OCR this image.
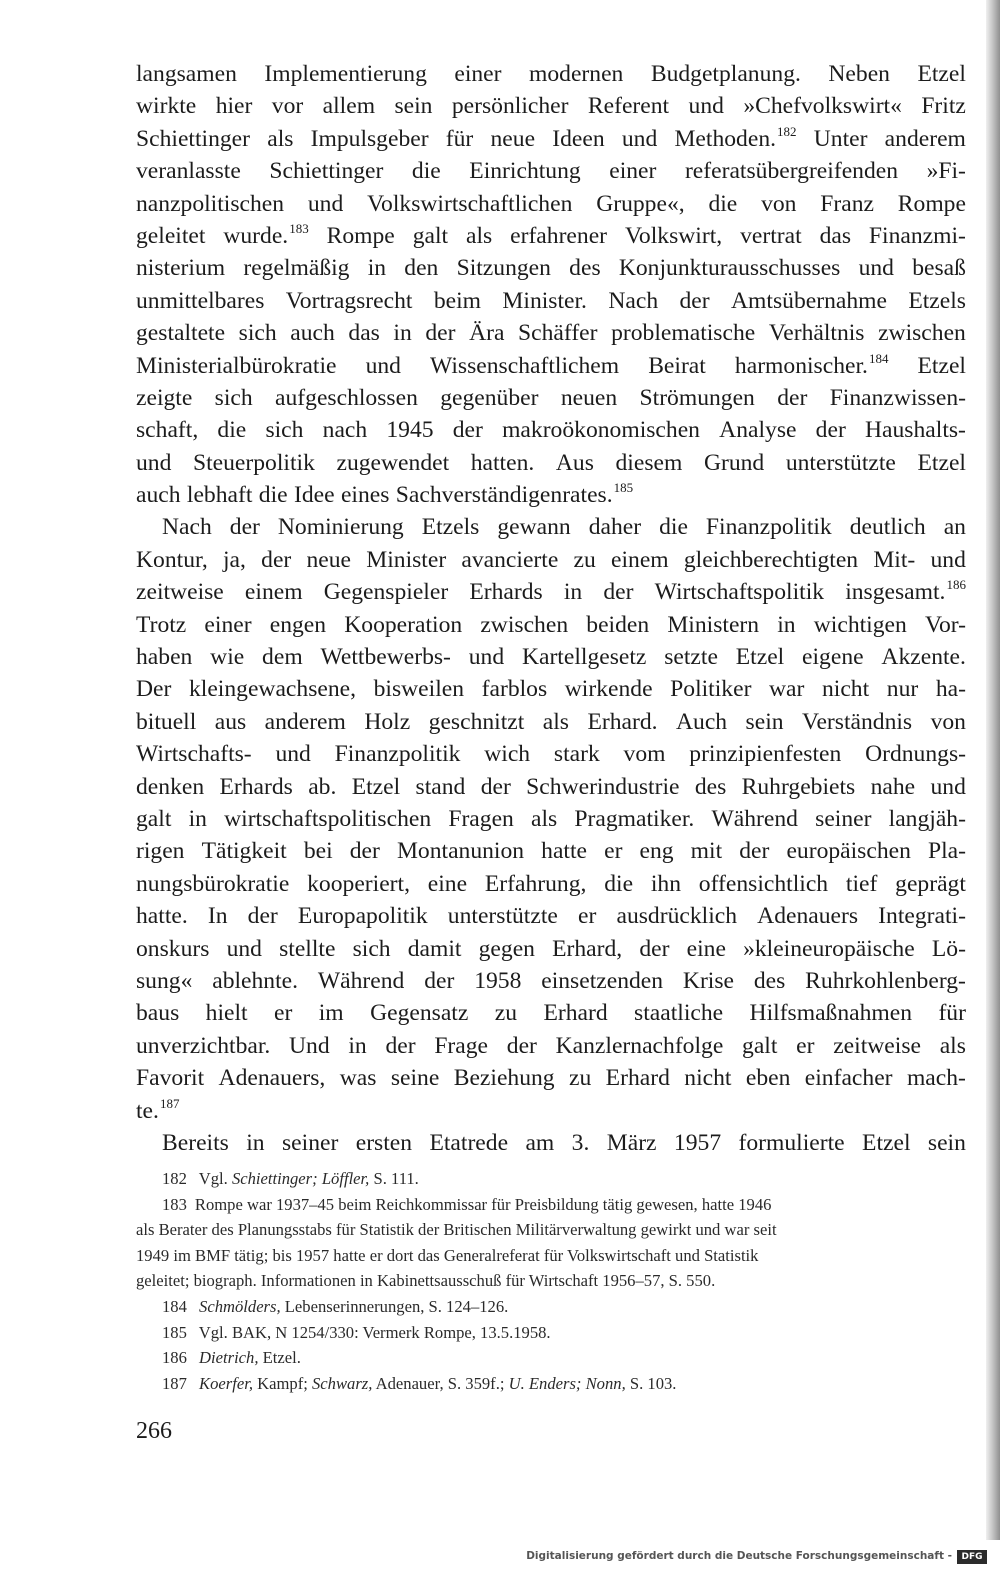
langsamen Implementierung einer modernen Budgetplanung. Neben Etzel
wirkte hier vor allem sein persönlicher Referent und »Chefvolkswirt« Fritz
Schiettinger als Impulsgeber für neue Ideen und Methoden.$^{182}$ Unter anderem
veranlasste Schiettinger die Einrichtung einer referatsübergreifenden »Fi-
nanzpolitischen und Volkswirtschaftlichen Gruppe«, die von Franz Rompe
geleitet wurde.$^{183}$ Rompe galt als erfahrener Volkswirt, vertrat das Finanzmi-
nisterium regelmäßig in den Sitzungen des Konjunkturausschusses und besaß
unmittelbares Vortragsrecht beim Minister. Nach der Amtsübernahme Etzels
gestaltete sich auch das in der Ära Schäffer problematische Verhältnis zwischen
Ministerialbürokratie und Wissenschaftlichem Beirat harmonischer.$^{184}$ Etzel
zeigte sich aufgeschlossen gegenüber neuen Strömungen der Finanzwissen-
schaft, die sich nach 1945 der makroökonomischen Analyse der Haushalts-
und Steuerpolitik zugewendet hatten. Aus diesem Grund unterstützte Etzel
auch lebhaft die Idee eines Sachverständigenrates.$^{185}$
Nach der Nominierung Etzels gewann daher die Finanzpolitik deutlich an
Kontur, ja, der neue Minister avancierte zu einem gleichberechtigten Mit- und
zeitweise einem Gegenspieler Erhards in der Wirtschaftspolitik insgesamt.$^{186}$
Trotz einer engen Kooperation zwischen beiden Ministern in wichtigen Vor-
haben wie dem Wettbewerbs- und Kartellgesetz setzte Etzel eigene Akzente.
Der kleingewachsene, bisweilen farblos wirkende Politiker war nicht nur ha-
bituell aus anderem Holz geschnitzt als Erhard. Auch sein Verständnis von
Wirtschafts- und Finanzpolitik wich stark vom prinzipienfesten Ordnungs-
denken Erhards ab. Etzel stand der Schwerindustrie des Ruhrgebiets nahe und
galt in wirtschaftspolitischen Fragen als Pragmatiker. Während seiner langjäh-
rigen Tätigkeit bei der Montanunion hatte er eng mit der europäischen Pla-
nungsbürokratie kooperiert, eine Erfahrung, die ihn offensichtlich tief geprägt
hatte. In der Europapolitik unterstützte er ausdrücklich Adenauers Integrati-
onskurs und stellte sich damit gegen Erhard, der eine »kleineuropäische Lö-
sung« ablehnte. Während der 1958 einsetzenden Krise des Ruhrkohlenberg-
baus hielt er im Gegensatz zu Erhard staatliche Hilfsmaßnahmen für
unverzichtbar. Und in der Frage der Kanzlernachfolge galt er zeitweise als
Favorit Adenauers, was seine Beziehung zu Erhard nicht eben einfacher mach-
te.$^{187}$
Bereits in seiner ersten Etatrede am 3. März 1957 formulierte Etzel sein
182 Vgl. Schiettinger; Löffler, S. 111.
183 Rompe war 1937–45 beim Reichkommissar für Preisbildung tätig gewesen, hatte 1946
als Berater des Planungsstabs für Statistik der Britischen Militärverwaltung gewirkt und war seit
1949 im BMF tätig; bis 1957 hatte er dort das Generalreferat für Volkswirtschaft und Statistik
geleitet; biograph. Informationen in Kabinettsausschuß für Wirtschaft 1956–57, S. 550.
184 Schmölders, Lebenserinnerungen, S. 124–126.
185 Vgl. BAK, N 1254/330: Vermerk Rompe, 13.5.1958.
186 Dietrich, Etzel.
187 Koerfer, Kampf; Schwarz, Adenauer, S. 359f.; U. Enders; Nonn, S. 103.
266
Digitalisierung gefördert durch die Deutsche Forschungsgemeinschaft -	DFG
